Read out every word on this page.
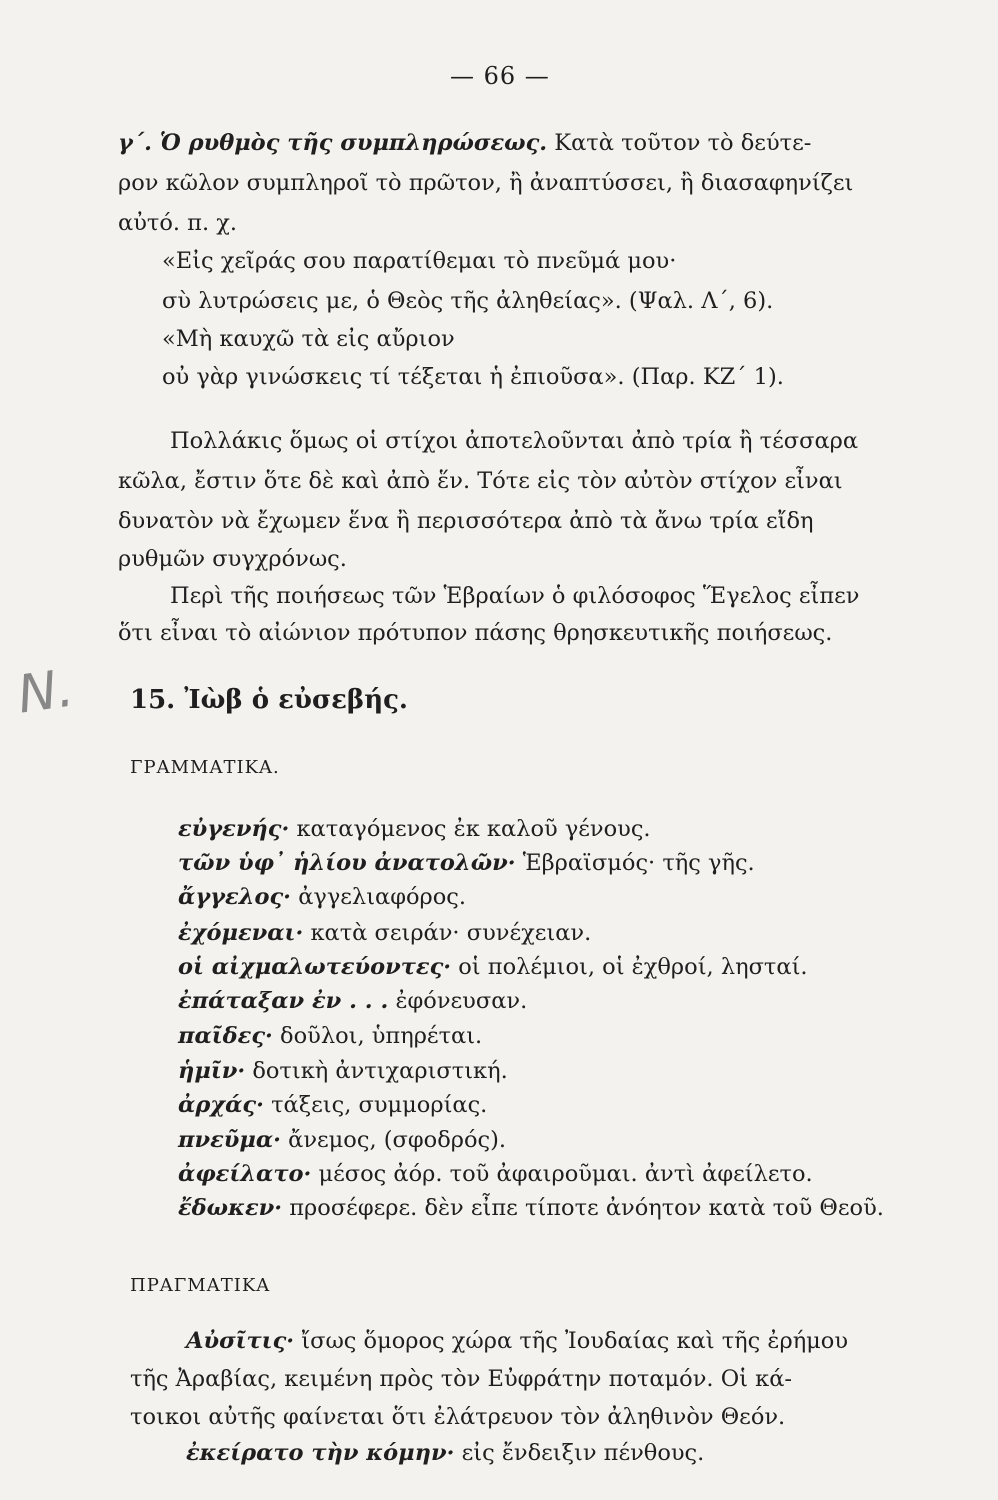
— 66 —
γ΄. Ὁ ρυθμὸς τῆς συμπληρώσεως. Κατὰ τοῦτον τὸ δεύτε-
ρον κῶλον συμπληροῖ τὸ πρῶτον, ἢ ἀναπτύσσει, ἢ διασαφηνίζει
αὐτό. π. χ.
«Εἰς χεῖράς σου παρατίθεμαι τὸ πνεῦμά μου·
σὺ λυτρώσεις με, ὁ Θεὸς τῆς ἀληθείας». (Ψαλ. Λ΄, 6).
«Μὴ καυχῶ τὰ εἰς αὔριον
οὐ γὰρ γινώσκεις τί τέξεται ἡ ἐπιοῦσα». (Παρ. ΚΖ΄ 1).
Πολλάκις ὅμως οἱ στίχοι ἀποτελοῦνται ἀπὸ τρία ἢ τέσσαρα
κῶλα, ἔστιν ὅτε δὲ καὶ ἀπὸ ἕν. Τότε εἰς τὸν αὐτὸν στίχον εἶναι
δυνατὸν νὰ ἔχωμεν ἕνα ἢ περισσότερα ἀπὸ τὰ ἄνω τρία εἴδη
ρυθμῶν συγχρόνως.
Περὶ τῆς ποιήσεως τῶν Ἑβραίων ὁ φιλόσοφος Ἕγελος εἶπεν
ὅτι εἶναι τὸ αἰώνιον πρότυπον πάσης θρησκευτικῆς ποιήσεως.
N. 15. Ἰὼβ ὁ εὐσεβής.
ΓΡΑΜΜΑΤΙΚΑ.
εὐγενής· καταγόμενος ἐκ καλοῦ γένους.
τῶν ὑφ᾽ ἡλίου ἀνατολῶν· Ἑβραϊσμός· τῆς γῆς.
ἄγγελος· ἀγγελιαφόρος.
ἐχόμεναι· κατὰ σειράν· συνέχειαν.
οἱ αἰχμαλωτεύοντες· οἱ πολέμιοι, οἱ ἐχθροί, λησταί.
ἐπάταξαν ἐν . . . ἐφόνευσαν.
παῖδες· δοῦλοι, ὑπηρέται.
ἡμῖν· δοτικὴ ἀντιχαριστική.
ἀρχάς· τάξεις, συμμορίας.
πνεῦμα· ἄνεμος, (σφοδρός).
ἀφείλατο· μέσος ἀόρ. τοῦ ἀφαιροῦμαι. ἀντὶ ἀφείλετο.
ἔδωκεν· προσέφερε. δὲν εἶπε τίποτε ἀνόητον κατὰ τοῦ Θεοῦ.
ΠΡΑΓΜΑΤΙΚΑ
Αὐσῖτις· ἴσως ὅμορος χώρα τῆς Ἰουδαίας καὶ τῆς ἐρήμου
τῆς Ἀραβίας, κειμένη πρὸς τὸν Εὐφράτην ποταμόν. Οἱ κά-
τοικοι αὐτῆς φαίνεται ὅτι ἐλάτρευον τὸν ἀληθινὸν Θεόν.
ἐκείρατο τὴν κόμην· εἰς ἔνδειξιν πένθους.
